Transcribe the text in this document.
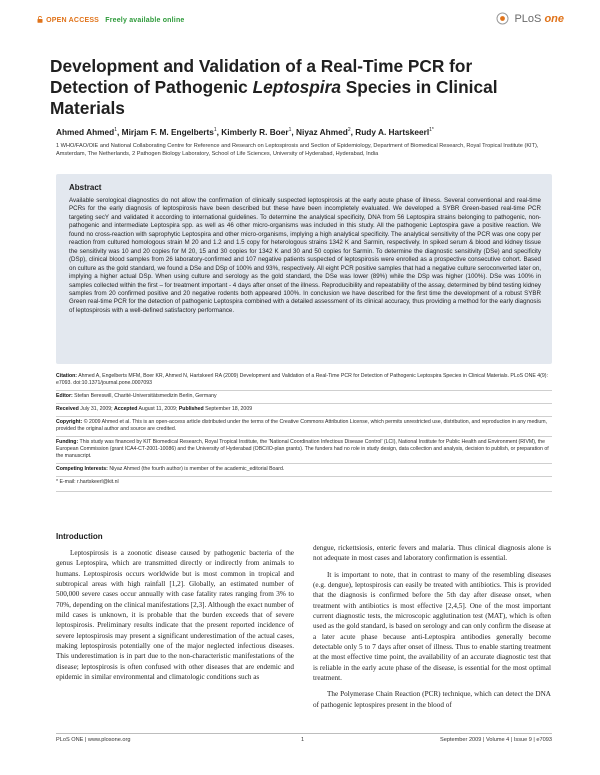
OPEN ACCESS Freely available online	PLoS one
Development and Validation of a Real-Time PCR for
Detection of Pathogenic Leptospira Species in Clinical
Materials
Ahmed Ahmed$^1$, Mirjam F. M. Engelberts$^1$, Kimberly R. Boer$^1$, Niyaz Ahmed$^2$, Rudy A. Hartskeerl$^{1*}$
1 WHO/FAO/OIE and National Collaborating Centre for Reference and Research on Leptospirosis and Section of Epidemiology, Department of Biomedical Research, Royal Tropical Institute (KIT), Amsterdam, The Netherlands, 2 Pathogen Biology Laboratory, School of Life Sciences, University of Hyderabad, Hyderabad, India
Abstract
Available serological diagnostics do not allow the confirmation of clinically suspected leptospirosis at the early acute phase of illness. Several conventional and real-time PCRs for the early diagnosis of leptospirosis have been described but these have been incompletely evaluated. We developed a SYBR Green-based real-time PCR targeting secY and validated it according to international guidelines. To determine the analytical specificity, DNA from 56 Leptospira strains belonging to pathogenic, non-pathogenic and intermediate Leptospira spp. as well as 46 other micro-organisms was included in this study. All the pathogenic Leptospira gave a positive reaction. We found no cross-reaction with saprophytic Leptospira and other micro-organisms, implying a high analytical specificity. The analytical sensitivity of the PCR was one copy per reaction from cultured homologous strain M 20 and 1.2 and 1.5 copy for heterologous strains 1342 K and Sarmin, respectively. In spiked serum & blood and kidney tissue the sensitivity was 10 and 20 copies for M 20, 15 and 30 copies for 1342 K and 30 and 50 copies for Sarmin. To determine the diagnostic sensitivity (DSe) and specificity (DSp), clinical blood samples from 26 laboratory-confirmed and 107 negative patients suspected of leptospirosis were enrolled as a prospective consecutive cohort. Based on culture as the gold standard, we found a DSe and DSp of 100% and 93%, respectively. All eight PCR positive samples that had a negative culture seroconverted later on, implying a higher actual DSp. When using culture and serology as the gold standard, the DSe was lower (89%) while the DSp was higher (100%). DSe was 100% in samples collected within the first – for treatment important - 4 days after onset of the illness. Reproducibility and repeatability of the assay, determined by blind testing kidney samples from 20 confirmed positive and 20 negative rodents both appeared 100%. In conclusion we have described for the first time the development of a robust SYBR Green real-time PCR for the detection of pathogenic Leptospira combined with a detailed assessment of its clinical accuracy, thus providing a method for the early diagnosis of leptospirosis with a well-defined satisfactory performance.
Citation: Ahmed A, Engelberts MFM, Boer KR, Ahmed N, Hartskeerl RA (2009) Development and Validation of a Real-Time PCR for Detection of Pathogenic Leptospira Species in Clinical Materials. PLoS ONE 4(9): e7093. doi:10.1371/journal.pone.0007093
Editor: Stefan Bereswill, Charité-Universitätsmedizin Berlin, Germany
Received July 31, 2009; Accepted August 11, 2009; Published September 18, 2009
Copyright: © 2009 Ahmed et al. This is an open-access article distributed under the terms of the Creative Commons Attribution License, which permits unrestricted use, distribution, and reproduction in any medium, provided the original author and source are credited.
Funding: This study was financed by KIT Biomedical Research, Royal Tropical Institute, the 'National Coordination Infectious Disease Control' (LCI), National Institute for Public Health and Environment (RIVM), the European Commission (grant ICA4-CT-2001-10086) and the University of Hyderabad (OBC/IO-plan grants). The funders had no role in study design, data collection and analysis, decision to publish, or preparation of the manuscript.
Competing Interests: Niyaz Ahmed (the fourth author) is member of the academic_editorial Board.
* E-mail: r.hartskeerl@kit.nl
Introduction

Leptospirosis is a zoonotic disease caused by pathogenic bacteria of the genus Leptospira, which are transmitted directly or indirectly from animals to humans. Leptospirosis occurs worldwide but is most common in tropical and subtropical areas with high rainfall [1,2]. Globally, an estimated number of 500,000 severe cases occur annually with case fatality rates ranging from 3% to 70%, depending on the clinical manifestations [2,3]. Although the exact number of mild cases is unknown, it is probable that the burden exceeds that of severe leptospirosis. Preliminary results indicate that the present reported incidence of severe leptospirosis may present a significant underestimation of the actual cases, making leptospirosis potentially one of the major neglected infectious diseases. This underestimation is in part due to the non-characteristic manifestations of the disease; leptospirosis is often confused with other diseases that are endemic and epidemic in similar environmental and climatologic conditions such as

dengue, rickettsiosis, enteric fevers and malaria. Thus clinical diagnosis alone is not adequate in most cases and laboratory confirmation is essential.

It is important to note, that in contrast to many of the resembling diseases (e.g. dengue), leptospirosis can easily be treated with antibiotics. This is provided that the diagnosis is confirmed before the 5th day after disease onset, when treatment with antibiotics is most effective [2,4,5]. One of the most important current diagnostic tests, the microscopic agglutination test (MAT), which is often used as the gold standard, is based on serology and can only confirm the disease at a later acute phase because anti-Leptospira antibodies generally become detectable only 5 to 7 days after onset of illness. Thus to enable starting treatment at the most effective time point, the availability of an accurate diagnostic test that is reliable in the early acute phase of the disease, is essential for the most optimal treatment.

The Polymerase Chain Reaction (PCR) technique, which can detect the DNA of pathogenic leptospires present in the blood of

PLoS ONE | www.plosone.org	1	September 2009 | Volume 4 | Issue 9 | e7093
